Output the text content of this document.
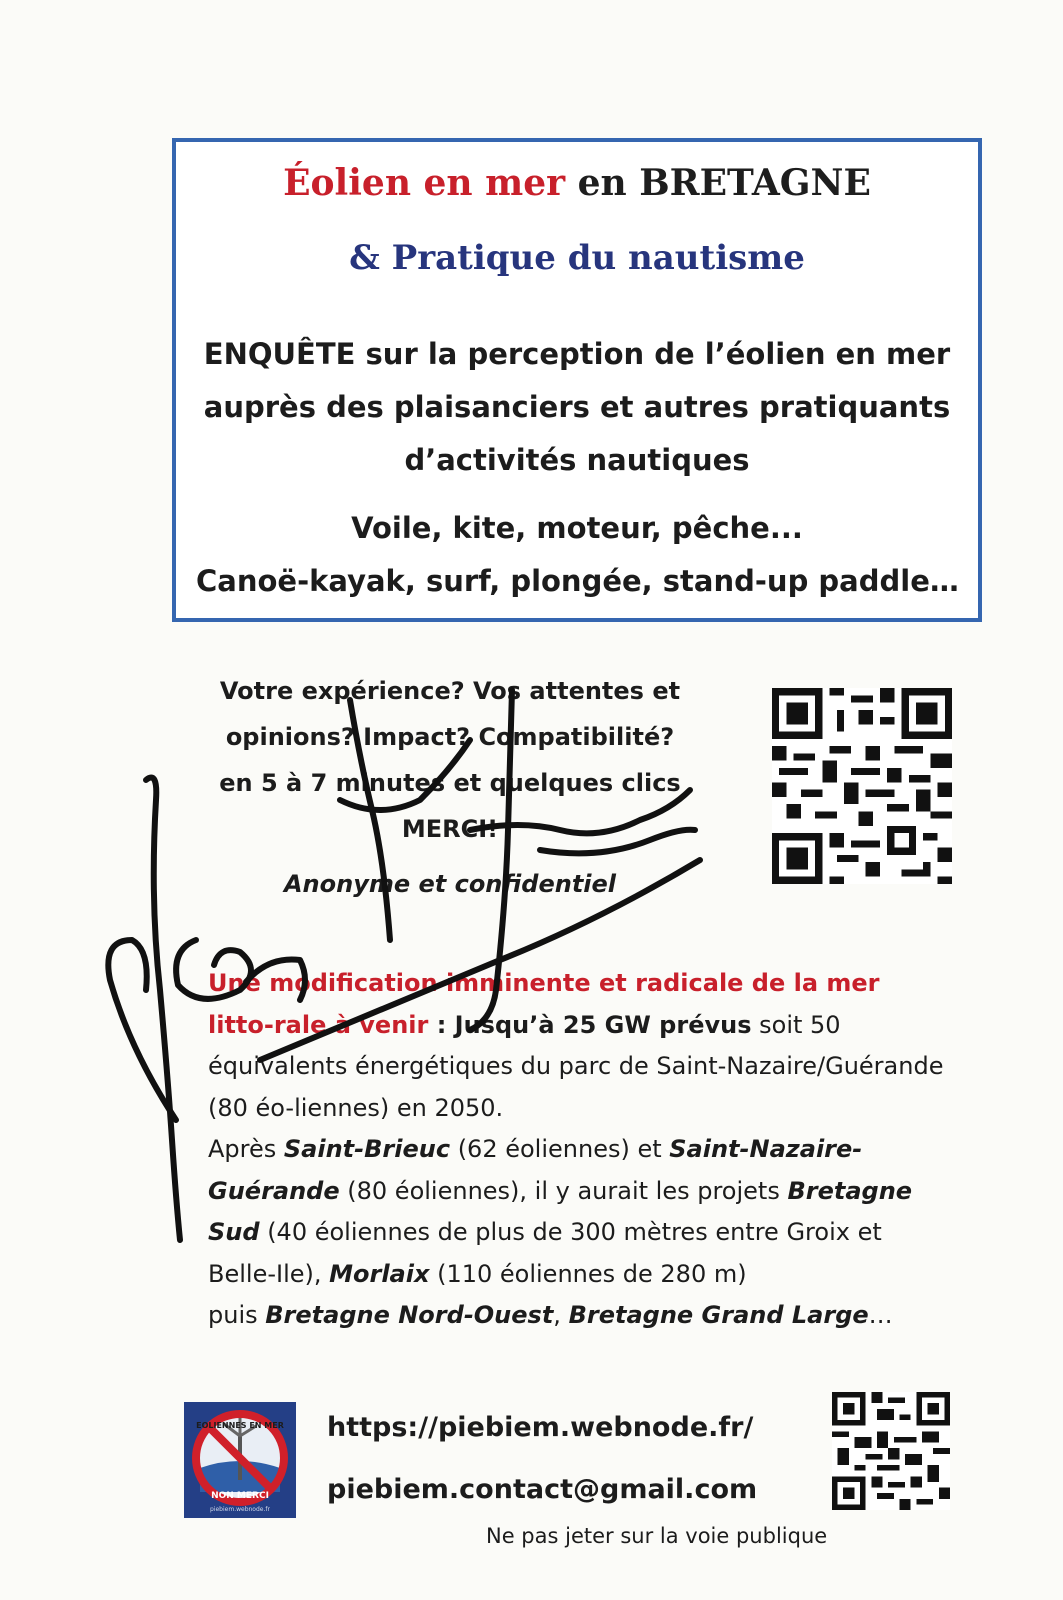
Éolien en mer en BRETAGNE
& Pratique du nautisme
ENQUÊTE sur la perception de l’éolien en mer
auprès des plaisanciers et autres pratiquants
d’activités nautiques
Voile, kite, moteur, pêche...
Canoë-kayak, surf, plongée, stand-up paddle…
Votre expérience? Vos attentes et
opinions? Impact? Compatibilité?
en 5 à 7 minutes et quelques clics
MERCI!
Anonyme et confidentiel
Une modification imminente et radicale de la mer litto-rale à venir : Jusqu’à 25 GW prévus soit 50 équivalents énergétiques du parc de Saint-Nazaire/Guérande (80 éo-liennes) en 2050.
Après Saint-Brieuc (62 éoliennes) et Saint-Nazaire-Guérande (80 éoliennes), il y aurait les projets Bretagne Sud (40 éoliennes de plus de 300 mètres entre Groix et Belle-Ile), Morlaix (110 éoliennes de 280 m)
puis Bretagne Nord-Ouest, Bretagne Grand Large…
EOLIENNES EN MER
NON MERCI
piebiem.webnode.fr
https://piebiem.webnode.fr/
piebiem.contact@gmail.com
Ne pas jeter sur la voie publique
